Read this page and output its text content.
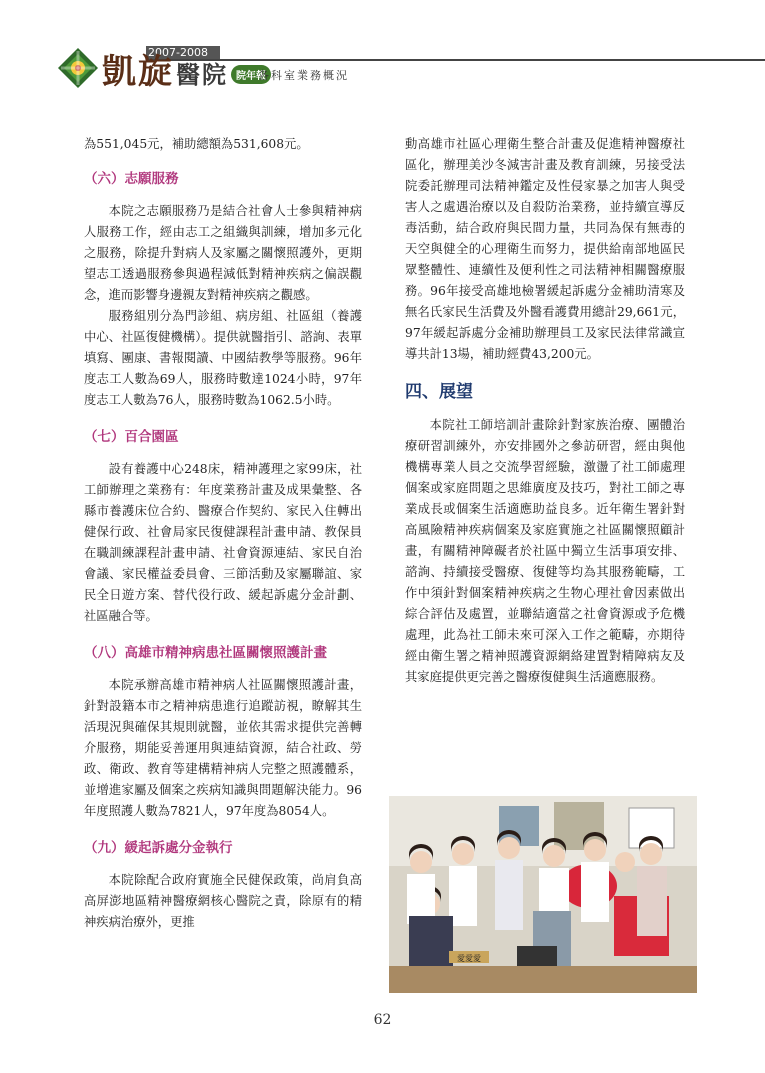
2007-2008
凱旋醫院 院年報
各科室業務概況

為551,045元，補助總額為531,608元。

（六）志願服務

本院之志願服務乃是結合社會人士參與精神病人服務工作，經由志工之組織與訓練，增加多元化之服務，除提升對病人及家屬之關懷照護外，更期望志工透過服務參與過程減低對精神疾病之偏誤觀念，進而影響身邊親友對精神疾病之觀感。

服務組別分為門診組、病房組、社區組（養護中心、社區復健機構）。提供就醫指引、諮詢、表單填寫、團康、書報閱讀、中國結教學等服務。96年度志工人數為69人，服務時數達1024小時，97年度志工人數為76人，服務時數為1062.5小時。

（七）百合園區

設有養護中心248床，精神護理之家99床，社工師辦理之業務有：年度業務計畫及成果彙整、各縣市養護床位合約、醫療合作契約、家民入住轉出健保行政、社會局家民復健課程計畫申請、教保員在職訓練課程計畫申請、社會資源連結、家民自治會議、家民權益委員會、三節活動及家屬聯誼、家民全日遊方案、替代役行政、緩起訴處分金計劃、社區融合等。

（八）高雄市精神病患社區關懷照護計畫

本院承辦高雄市精神病人社區關懷照護計畫，針對設籍本市之精神病患進行追蹤訪視，瞭解其生活現況與確保其規則就醫，並依其需求提供完善轉介服務，期能妥善運用與連結資源，結合社政、勞政、衛政、教育等建構精神病人完整之照護體系，並增進家屬及個案之疾病知識與問題解決能力。96年度照護人數為7821人，97年度為8054人。

（九）緩起訴處分金執行

本院除配合政府實施全民健保政策，尚肩負高高屏澎地區精神醫療網核心醫院之責，除原有的精神疾病治療外，更推

動高雄市社區心理衛生整合計畫及促進精神醫療社區化，辦理美沙冬減害計畫及教育訓練，另接受法院委託辦理司法精神鑑定及性侵家暴之加害人與受害人之處遇治療以及自殺防治業務，並持續宣導反毒活動，結合政府與民間力量，共同為保有無毒的天空與健全的心理衛生而努力，提供給南部地區民眾整體性、連續性及便利性之司法精神相關醫療服務。96年接受高雄地檢署緩起訴處分金補助清寒及無名氏家民生活費及外醫看護費用總計29,661元，97年緩起訴處分金補助辦理員工及家民法律常識宣導共計13場，補助經費43,200元。

四、展望

本院社工師培訓計畫除針對家族治療、團體治療研習訓練外，亦安排國外之參訪研習，經由與他機構專業人員之交流學習經驗，激盪了社工師處理個案或家庭問題之思維廣度及技巧，對社工師之專業成長或個案生活適應助益良多。近年衛生署針對高風險精神疾病個案及家庭實施之社區關懷照顧計畫，有關精神障礙者於社區中獨立生活事項安排、諮詢、持續接受醫療、復健等均為其服務範疇，工作中須針對個案精神疾病之生物心理社會因素做出綜合評估及處置，並聯結適當之社會資源或予危機處理，此為社工師未來可深入工作之範疇，亦期待經由衛生署之精神照護資源網絡建置對精障病友及其家庭提供更完善之醫療復健與生活適應服務。

愛愛愛
62
